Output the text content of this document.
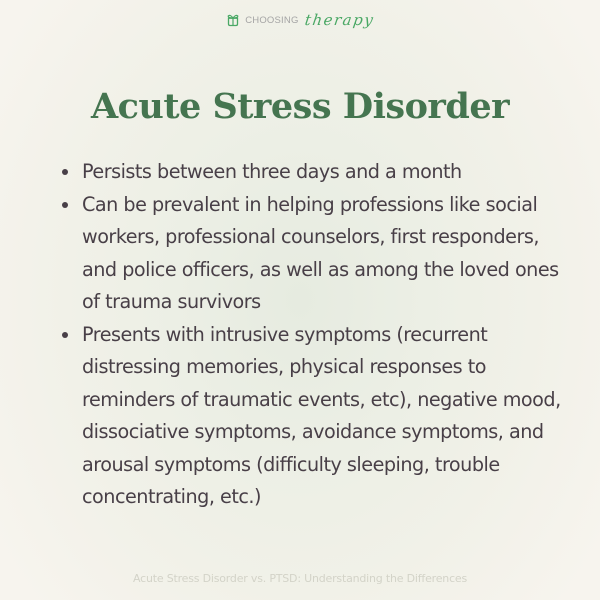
CHOOSING therapy
Acute Stress Disorder
Persists between three days and a month
Can be prevalent in helping professions like social workers, professional counselors, first responders, and police officers, as well as among the loved ones of trauma survivors
Presents with intrusive symptoms (recurrent distressing memories, physical responses to reminders of traumatic events, etc), negative mood, dissociative symptoms, avoidance symptoms, and arousal symptoms (difficulty sleeping, trouble concentrating, etc.)
Acute Stress Disorder vs. PTSD: Understanding the Differences
